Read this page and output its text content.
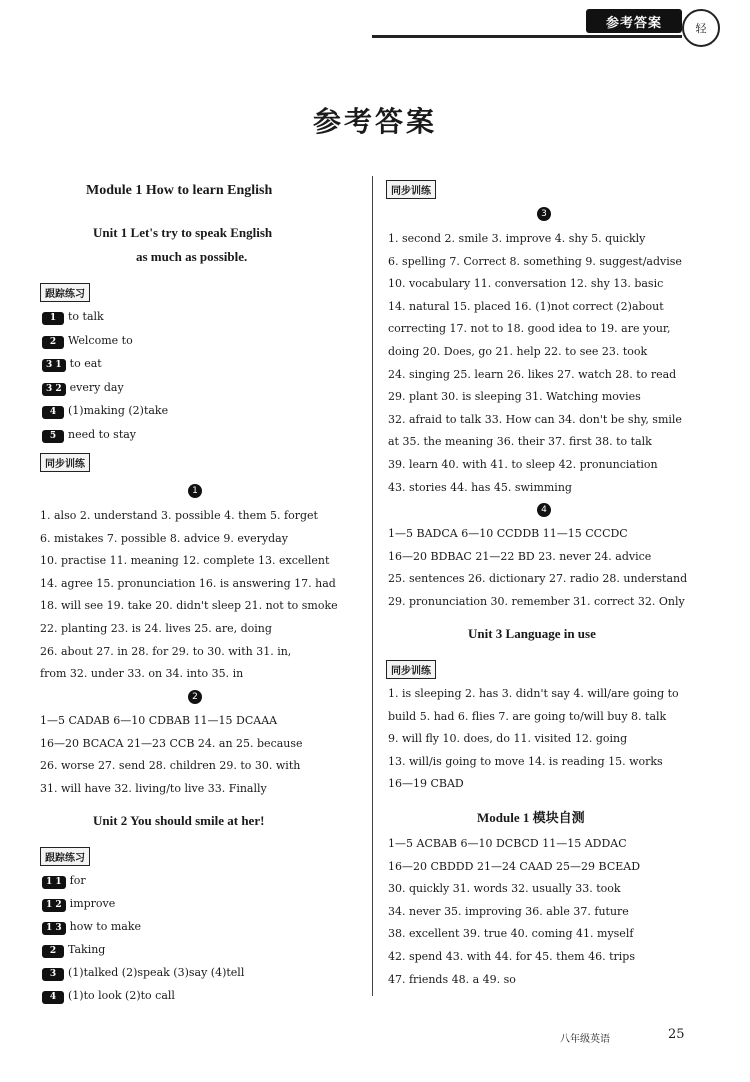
参考答案	轻
参考答案
Module 1 How to learn English
Unit 1 Let's try to speak English
as much as possible.
跟踪练习
1 to talk
2 Welcome to
3 1 to eat
3 2 every day
4 (1)making (2)take
5 need to stay
同步训练
1
1. also 2. understand 3. possible 4. them 5. forget
6. mistakes 7. possible 8. advice 9. everyday
10. practise 11. meaning 12. complete 13. excellent
14. agree 15. pronunciation 16. is answering 17. had
18. will see 19. take 20. didn't sleep 21. not to smoke
22. planting 23. is 24. lives 25. are, doing
26. about 27. in 28. for 29. to 30. with 31. in,
from 32. under 33. on 34. into 35. in
2
1—5 CADAB 6—10 CDBAB 11—15 DCAAA
16—20 BCACA 21—23 CCB 24. an 25. because
26. worse 27. send 28. children 29. to 30. with
31. will have 32. living/to live 33. Finally
Unit 2 You should smile at her!
跟踪练习
1 1 for
1 2 improve
1 3 how to make
2 Taking
3 (1)talked (2)speak (3)say (4)tell
4 (1)to look (2)to call
同步训练
3
1. second 2. smile 3. improve 4. shy 5. quickly
6. spelling 7. Correct 8. something 9. suggest/advise
10. vocabulary 11. conversation 12. shy 13. basic
14. natural 15. placed 16. (1)not correct (2)about
correcting 17. not to 18. good idea to 19. are your,
doing 20. Does, go 21. help 22. to see 23. took
24. singing 25. learn 26. likes 27. watch 28. to read
29. plant 30. is sleeping 31. Watching movies
32. afraid to talk 33. How can 34. don't be shy, smile
at 35. the meaning 36. their 37. first 38. to talk
39. learn 40. with 41. to sleep 42. pronunciation
43. stories 44. has 45. swimming
4
1—5 BADCA 6—10 CCDDB 11—15 CCCDC
16—20 BDBAC 21—22 BD 23. never 24. advice
25. sentences 26. dictionary 27. radio 28. understand
29. pronunciation 30. remember 31. correct 32. Only
Unit 3 Language in use
同步训练
1. is sleeping 2. has 3. didn't say 4. will/are going to
build 5. had 6. flies 7. are going to/will buy 8. talk
9. will fly 10. does, do 11. visited 12. going
13. will/is going to move 14. is reading 15. works
16—19 CBAD
Module 1 模块自测
1—5 ACBAB 6—10 DCBCD 11—15 ADDAC
16—20 CBDDD 21—24 CAAD 25—29 BCEAD
30. quickly 31. words 32. usually 33. took
34. never 35. improving 36. able 37. future
38. excellent 39. true 40. coming 41. myself
42. spend 43. with 44. for 45. them 46. trips
47. friends 48. a 49. so
八年级英语	25
